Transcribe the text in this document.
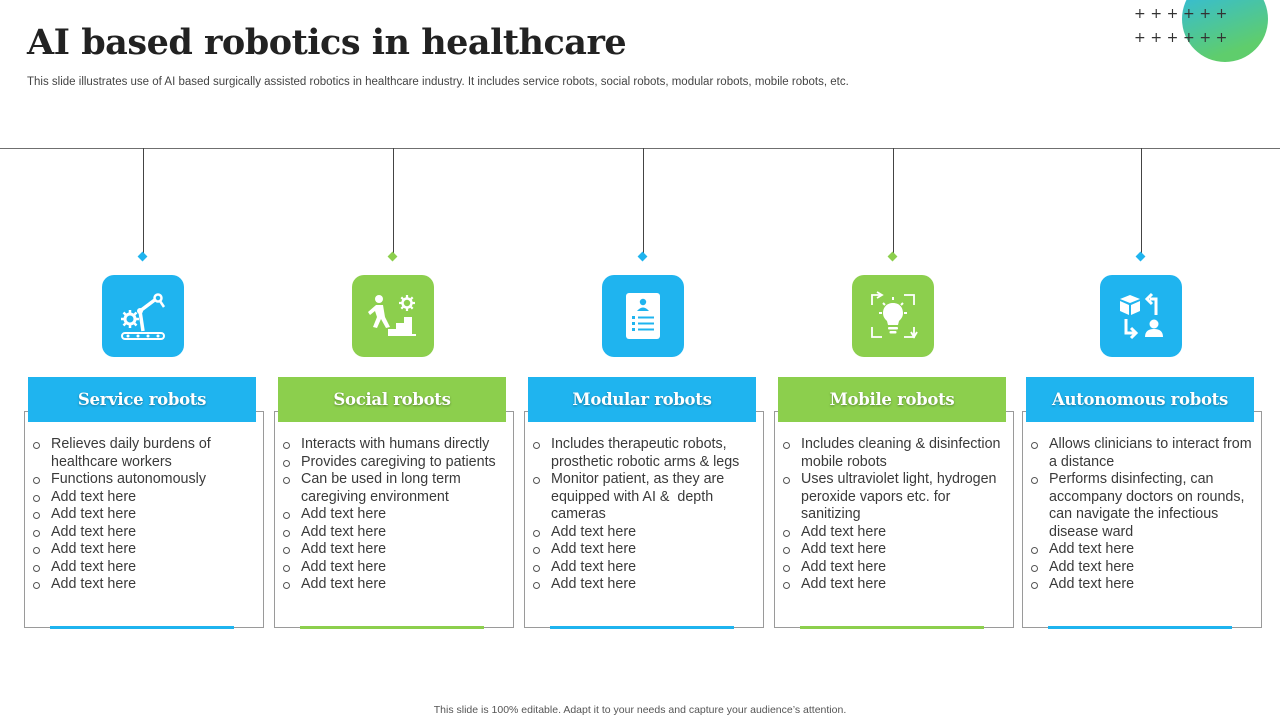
AI based robotics in healthcare

This slide illustrates use of AI based surgically assisted robotics in healthcare industry. It includes service robots, social robots, modular robots, mobile robots, etc.

++++++
++++++
Service robots
Relieves daily burdens of healthcare workers
Functions autonomously
Add text here
Add text here
Add text here
Add text here
Add text here
Add text here
Social robots
Interacts with humans directly
Provides caregiving to patients
Can be used in long term caregiving environment
Add text here
Add text here
Add text here
Add text here
Add text here
Modular robots
Includes therapeutic robots, prosthetic robotic arms & legs
Monitor patient, as they are equipped with AI &  depth cameras
Add text here
Add text here
Add text here
Add text here
Mobile robots
Includes cleaning & disinfection mobile robots
Uses ultraviolet light, hydrogen peroxide vapors etc. for sanitizing
Add text here
Add text here
Add text here
Add text here
Autonomous robots
Allows clinicians to interact from a distance
Performs disinfecting, can accompany doctors on rounds, can navigate the infectious disease ward
Add text here
Add text here
Add text here
This slide is 100% editable. Adapt it to your needs and capture your audience’s attention.
